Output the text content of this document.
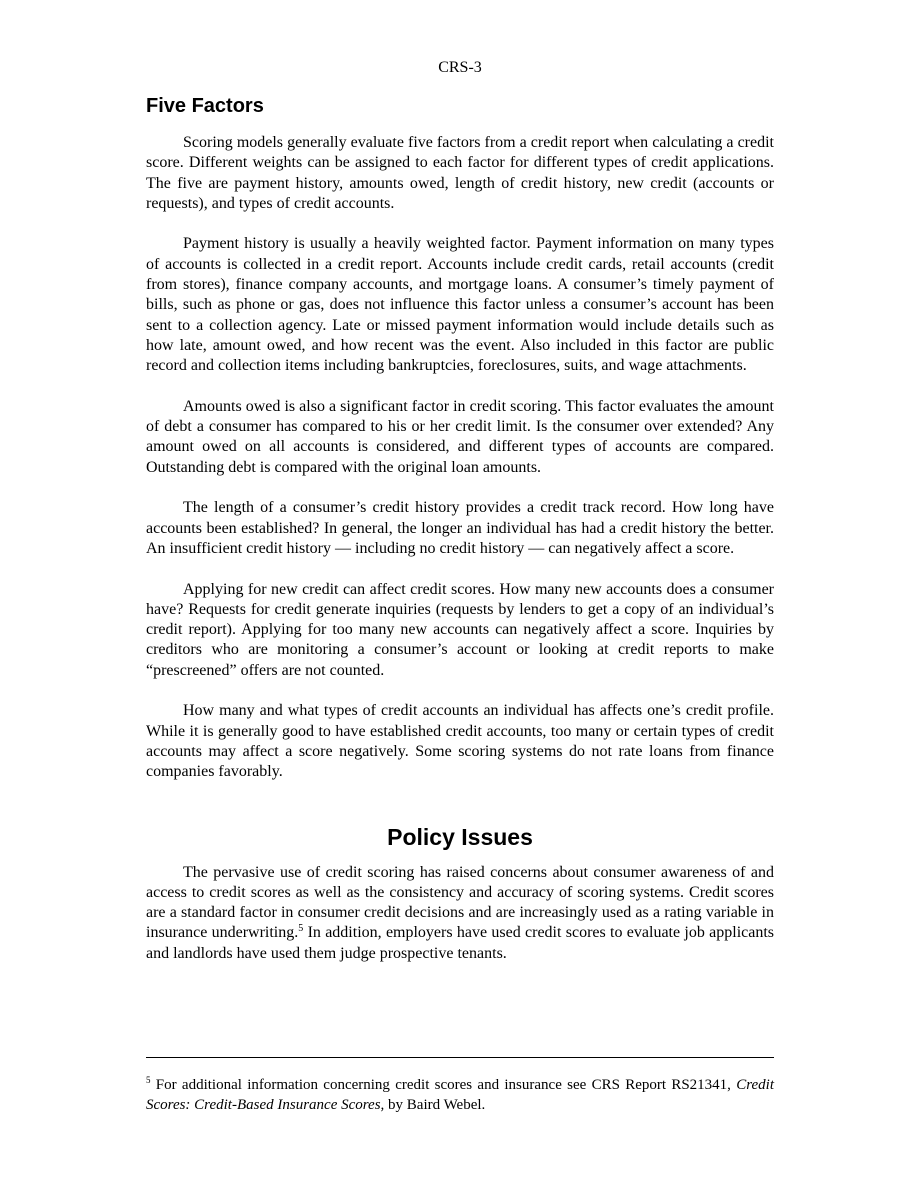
CRS-3
Five Factors

Scoring models generally evaluate five factors from a credit report when calculating a credit score. Different weights can be assigned to each factor for different types of credit applications. The five are payment history, amounts owed, length of credit history, new credit (accounts or requests), and types of credit accounts.

Payment history is usually a heavily weighted factor. Payment information on many types of accounts is collected in a credit report. Accounts include credit cards, retail accounts (credit from stores), finance company accounts, and mortgage loans. A consumer’s timely payment of bills, such as phone or gas, does not influence this factor unless a consumer’s account has been sent to a collection agency. Late or missed payment information would include details such as how late, amount owed, and how recent was the event. Also included in this factor are public record and collection items including bankruptcies, foreclosures, suits, and wage attachments.

Amounts owed is also a significant factor in credit scoring. This factor evaluates the amount of debt a consumer has compared to his or her credit limit. Is the consumer over extended? Any amount owed on all accounts is considered, and different types of accounts are compared. Outstanding debt is compared with the original loan amounts.

The length of a consumer’s credit history provides a credit track record. How long have accounts been established? In general, the longer an individual has had a credit history the better. An insufficient credit history — including no credit history — can negatively affect a score.

Applying for new credit can affect credit scores. How many new accounts does a consumer have? Requests for credit generate inquiries (requests by lenders to get a copy of an individual’s credit report). Applying for too many new accounts can negatively affect a score. Inquiries by creditors who are monitoring a consumer’s account or looking at credit reports to make “prescreened” offers are not counted.

How many and what types of credit accounts an individual has affects one’s credit profile. While it is generally good to have established credit accounts, too many or certain types of credit accounts may affect a score negatively. Some scoring systems do not rate loans from finance companies favorably.

Policy Issues

The pervasive use of credit scoring has raised concerns about consumer awareness of and access to credit scores as well as the consistency and accuracy of scoring systems. Credit scores are a standard factor in consumer credit decisions and are increasingly used as a rating variable in insurance underwriting.$^5$ In addition, employers have used credit scores to evaluate job applicants and landlords have used them judge prospective tenants.

$^5$ For additional information concerning credit scores and insurance see CRS Report RS21341, Credit Scores: Credit-Based Insurance Scores, by Baird Webel.
